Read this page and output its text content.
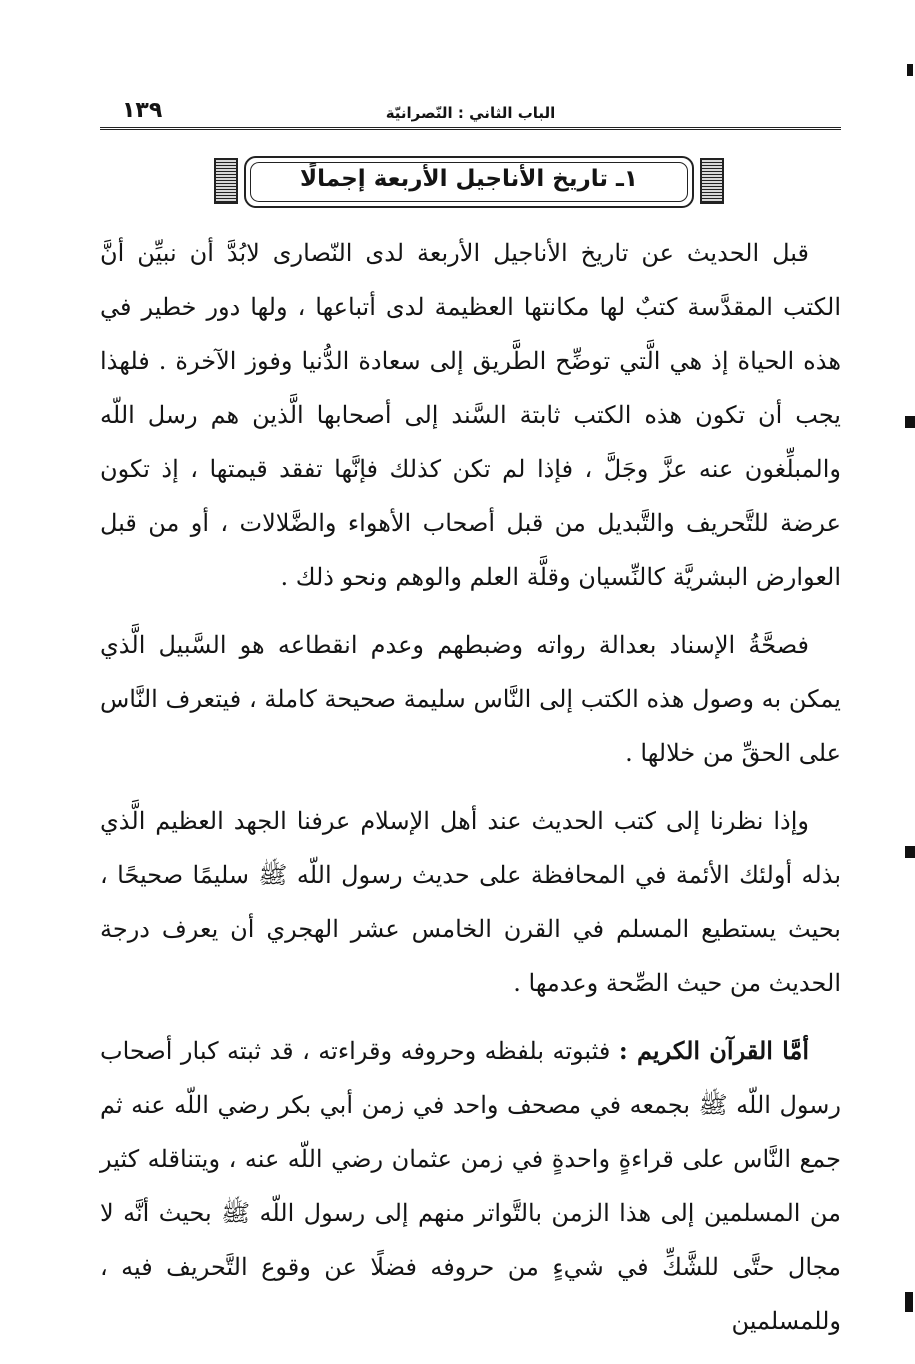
الباب الثاني : النّصرانيّة
١٣٩
١ـ تاريخ الأناجيل الأربعة إجمالًا

قبل الحديث عن تاريخ الأناجيل الأربعة لدى النّصارى لابُدَّ أن نبيِّن أنَّ الكتب المقدَّسة كتبٌ لها مكانتها العظيمة لدى أتباعها ، ولها دور خطير في هذه الحياة إذ هي الَّتي توضِّح الطَّريق إلى سعادة الدُّنيا وفوز الآخرة . فلهذا يجب أن تكون هذه الكتب ثابتة السَّند إلى أصحابها الَّذين هم رسل اللّه والمبلِّغون عنه عزَّ وجَلَّ ، فإذا لم تكن كذلك فإنَّها تفقد قيمتها ، إذ تكون عرضة للتَّحريف والتَّبديل من قبل أصحاب الأهواء والضَّلالات ، أو من قبل العوارض البشريَّة كالنِّسيان وقلَّة العلم والوهم ونحو ذلك .

فصحَّةُ الإسناد بعدالة رواته وضبطهم وعدم انقطاعه هو السَّبيل الَّذي يمكن به وصول هذه الكتب إلى النَّاس سليمة صحيحة كاملة ، فيتعرف النَّاس على الحقِّ من خلالها .

وإذا نظرنا إلى كتب الحديث عند أهل الإسلام عرفنا الجهد العظيم الَّذي بذله أولئك الأئمة في المحافظة على حديث رسول اللّه ﷺ سليمًا صحيحًا ، بحيث يستطيع المسلم في القرن الخامس عشر الهجري أن يعرف درجة الحديث من حيث الصِّحة وعدمها .

أمَّا القرآن الكريم : فثبوته بلفظه وحروفه وقراءته ، قد ثبته كبار أصحاب رسول اللّه ﷺ بجمعه في مصحف واحد في زمن أبي بكر رضي اللّه عنه ثم جمع النَّاس على قراءةٍ واحدةٍ في زمن عثمان رضي اللّه عنه ، ويتناقله كثير من المسلمين إلى هذا الزمن بالتَّواتر منهم إلى رسول اللّه ﷺ بحيث أنَّه لا مجال حتَّى للشَّكِّ في شيءٍ من حروفه فضلًا عن وقوع التَّحريف فيه ، وللمسلمين
